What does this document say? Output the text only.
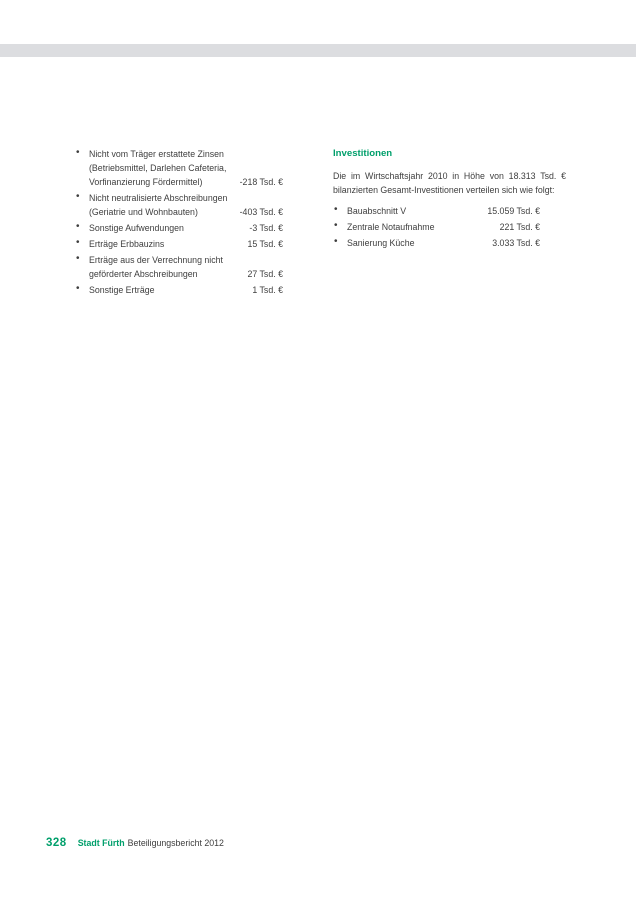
• Nicht vom Träger erstattete Zinsen (Betriebsmittel, Darlehen Cafeteria, Vorfinanzierung Fördermittel)	-218 Tsd. €
• Nicht neutralisierte Abschreibungen (Geriatrie und Wohnbauten)	-403 Tsd. €
• Sonstige Aufwendungen	-3 Tsd. €
• Erträge Erbbauzins	15 Tsd. €
• Erträge aus der Verrechnung nicht geförderter Abschreibungen	27 Tsd. €
• Sonstige Erträge	1 Tsd. €
Investitionen
Die im Wirtschaftsjahr 2010 in Höhe von 18.313 Tsd. € bilanzierten Gesamt-Investitionen verteilen sich wie folgt:
• Bauabschnitt V	15.059 Tsd. €
• Zentrale Notaufnahme	221 Tsd. €
• Sanierung Küche	3.033 Tsd. €
328 Stadt Fürth Beteiligungsbericht 2012
